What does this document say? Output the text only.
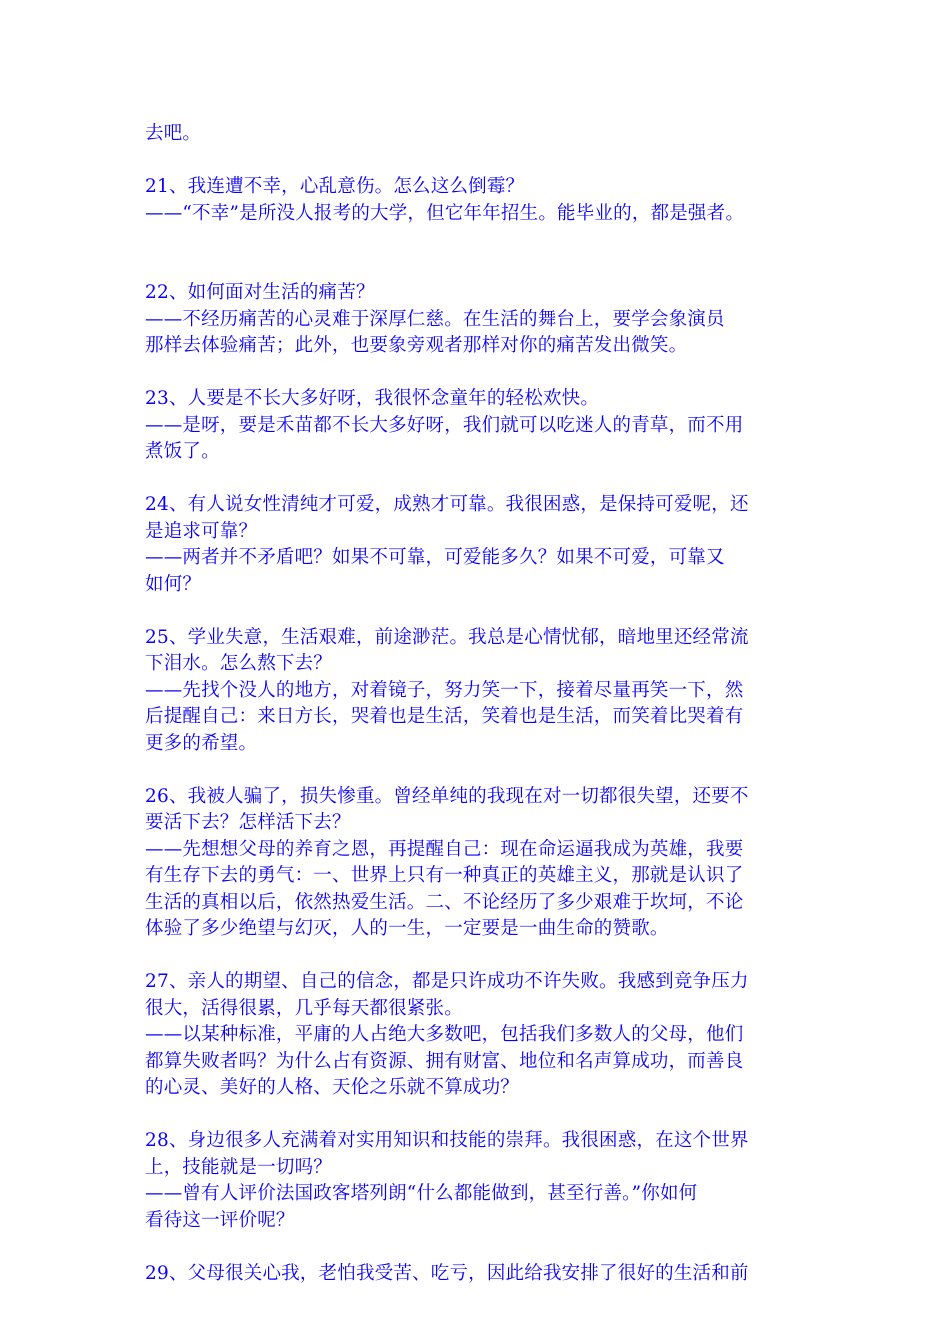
去吧。
21、我连遭不幸，心乱意伤。怎么这么倒霉？
——“不幸”是所没人报考的大学，但它年年招生。能毕业的，都是强者。
22、如何面对生活的痛苦？
——不经历痛苦的心灵难于深厚仁慈。在生活的舞台上，要学会象演员
那样去体验痛苦；此外，也要象旁观者那样对你的痛苦发出微笑。
23、人要是不长大多好呀，我很怀念童年的轻松欢快。
——是呀，要是禾苗都不长大多好呀，我们就可以吃迷人的青草，而不用
煮饭了。
24、有人说女性清纯才可爱，成熟才可靠。我很困惑，是保持可爱呢，还
是追求可靠？
——两者并不矛盾吧？如果不可靠，可爱能多久？如果不可爱，可靠又
如何？
25、学业失意，生活艰难，前途渺茫。我总是心情忧郁，暗地里还经常流
下泪水。怎么熬下去？
——先找个没人的地方，对着镜子，努力笑一下，接着尽量再笑一下，然
后提醒自己：来日方长，哭着也是生活，笑着也是生活，而笑着比哭着有
更多的希望。
26、我被人骗了，损失惨重。曾经单纯的我现在对一切都很失望，还要不
要活下去？怎样活下去？
——先想想父母的养育之恩，再提醒自己：现在命运逼我成为英雄，我要
有生存下去的勇气：一、世界上只有一种真正的英雄主义，那就是认识了
生活的真相以后，依然热爱生活。二、不论经历了多少艰难于坎坷，不论
体验了多少绝望与幻灭，人的一生，一定要是一曲生命的赞歌。
27、亲人的期望、自己的信念，都是只许成功不许失败。我感到竞争压力
很大，活得很累，几乎每天都很紧张。
——以某种标准，平庸的人占绝大多数吧，包括我们多数人的父母，他们
都算失败者吗？为什么占有资源、拥有财富、地位和名声算成功，而善良
的心灵、美好的人格、天伦之乐就不算成功？
28、身边很多人充满着对实用知识和技能的崇拜。我很困惑，在这个世界
上，技能就是一切吗？
——曾有人评价法国政客塔列朗“什么都能做到，甚至行善。”你如何
看待这一评价呢？
29、父母很关心我，老怕我受苦、吃亏，因此给我安排了很好的生活和前
